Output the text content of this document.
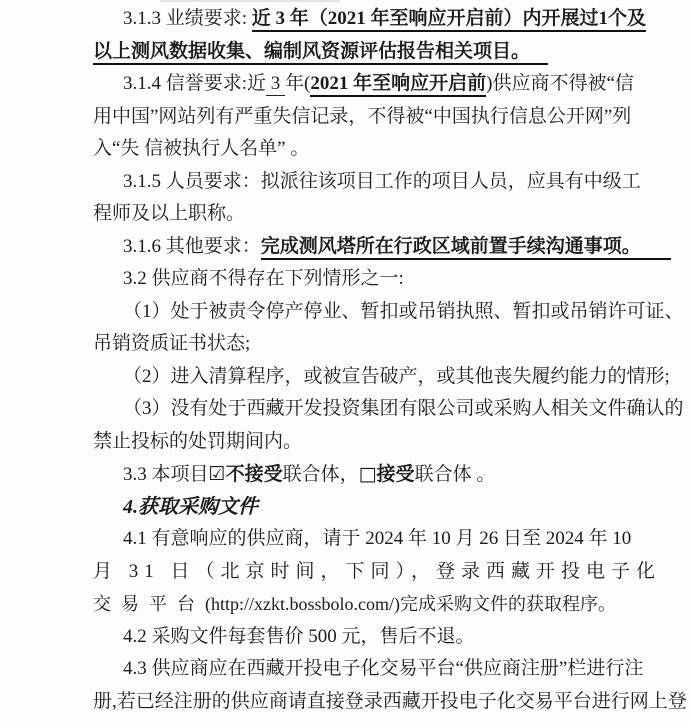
3.1.3 业绩要求: 近 3 年（2021 年至响应开启前）内开展过1个及
以上测风数据收集、编制风资源评估报告相关项目。
3.1.4 信誉要求:近 3 年(2021 年至响应开启前)供应商不得被“信
用中国”网站列有严重失信记录，不得被“中国执行信息公开网”列
入“失 信被执行人名单” 。
3.1.5 人员要求：拟派往该项目工作的项目人员，应具有中级工
程师及以上职称。
3.1.6 其他要求：完成测风塔所在行政区域前置手续沟通事项。
3.2 供应商不得存在下列情形之一:
（1）处于被责令停产停业、暂扣或吊销执照、暂扣或吊销许可证、
吊销资质证书状态;
（2）进入清算程序，或被宣告破产，或其他丧失履约能力的情形;
（3）没有处于西藏开发投资集团有限公司或采购人相关文件确认的
禁止投标的处罚期间内。
3.3 本项目☑不接受联合体，□接受联合体 。
4.获取采购文件
4.1 有意响应的供应商，请于 2024 年 10 月 26 日至 2024 年 10
月 31 日（北京时间，下同），登录西藏开投电子化
交易平台(http://xzkt.bossbolo.com/)完成采购文件的获取程序。
4.2 采购文件每套售价 500 元，售后不退。
4.3 供应商应在西藏开投电子化交易平台“供应商注册”栏进行注
册,若已经注册的供应商请直接登录西藏开投电子化交易平台进行网上登
